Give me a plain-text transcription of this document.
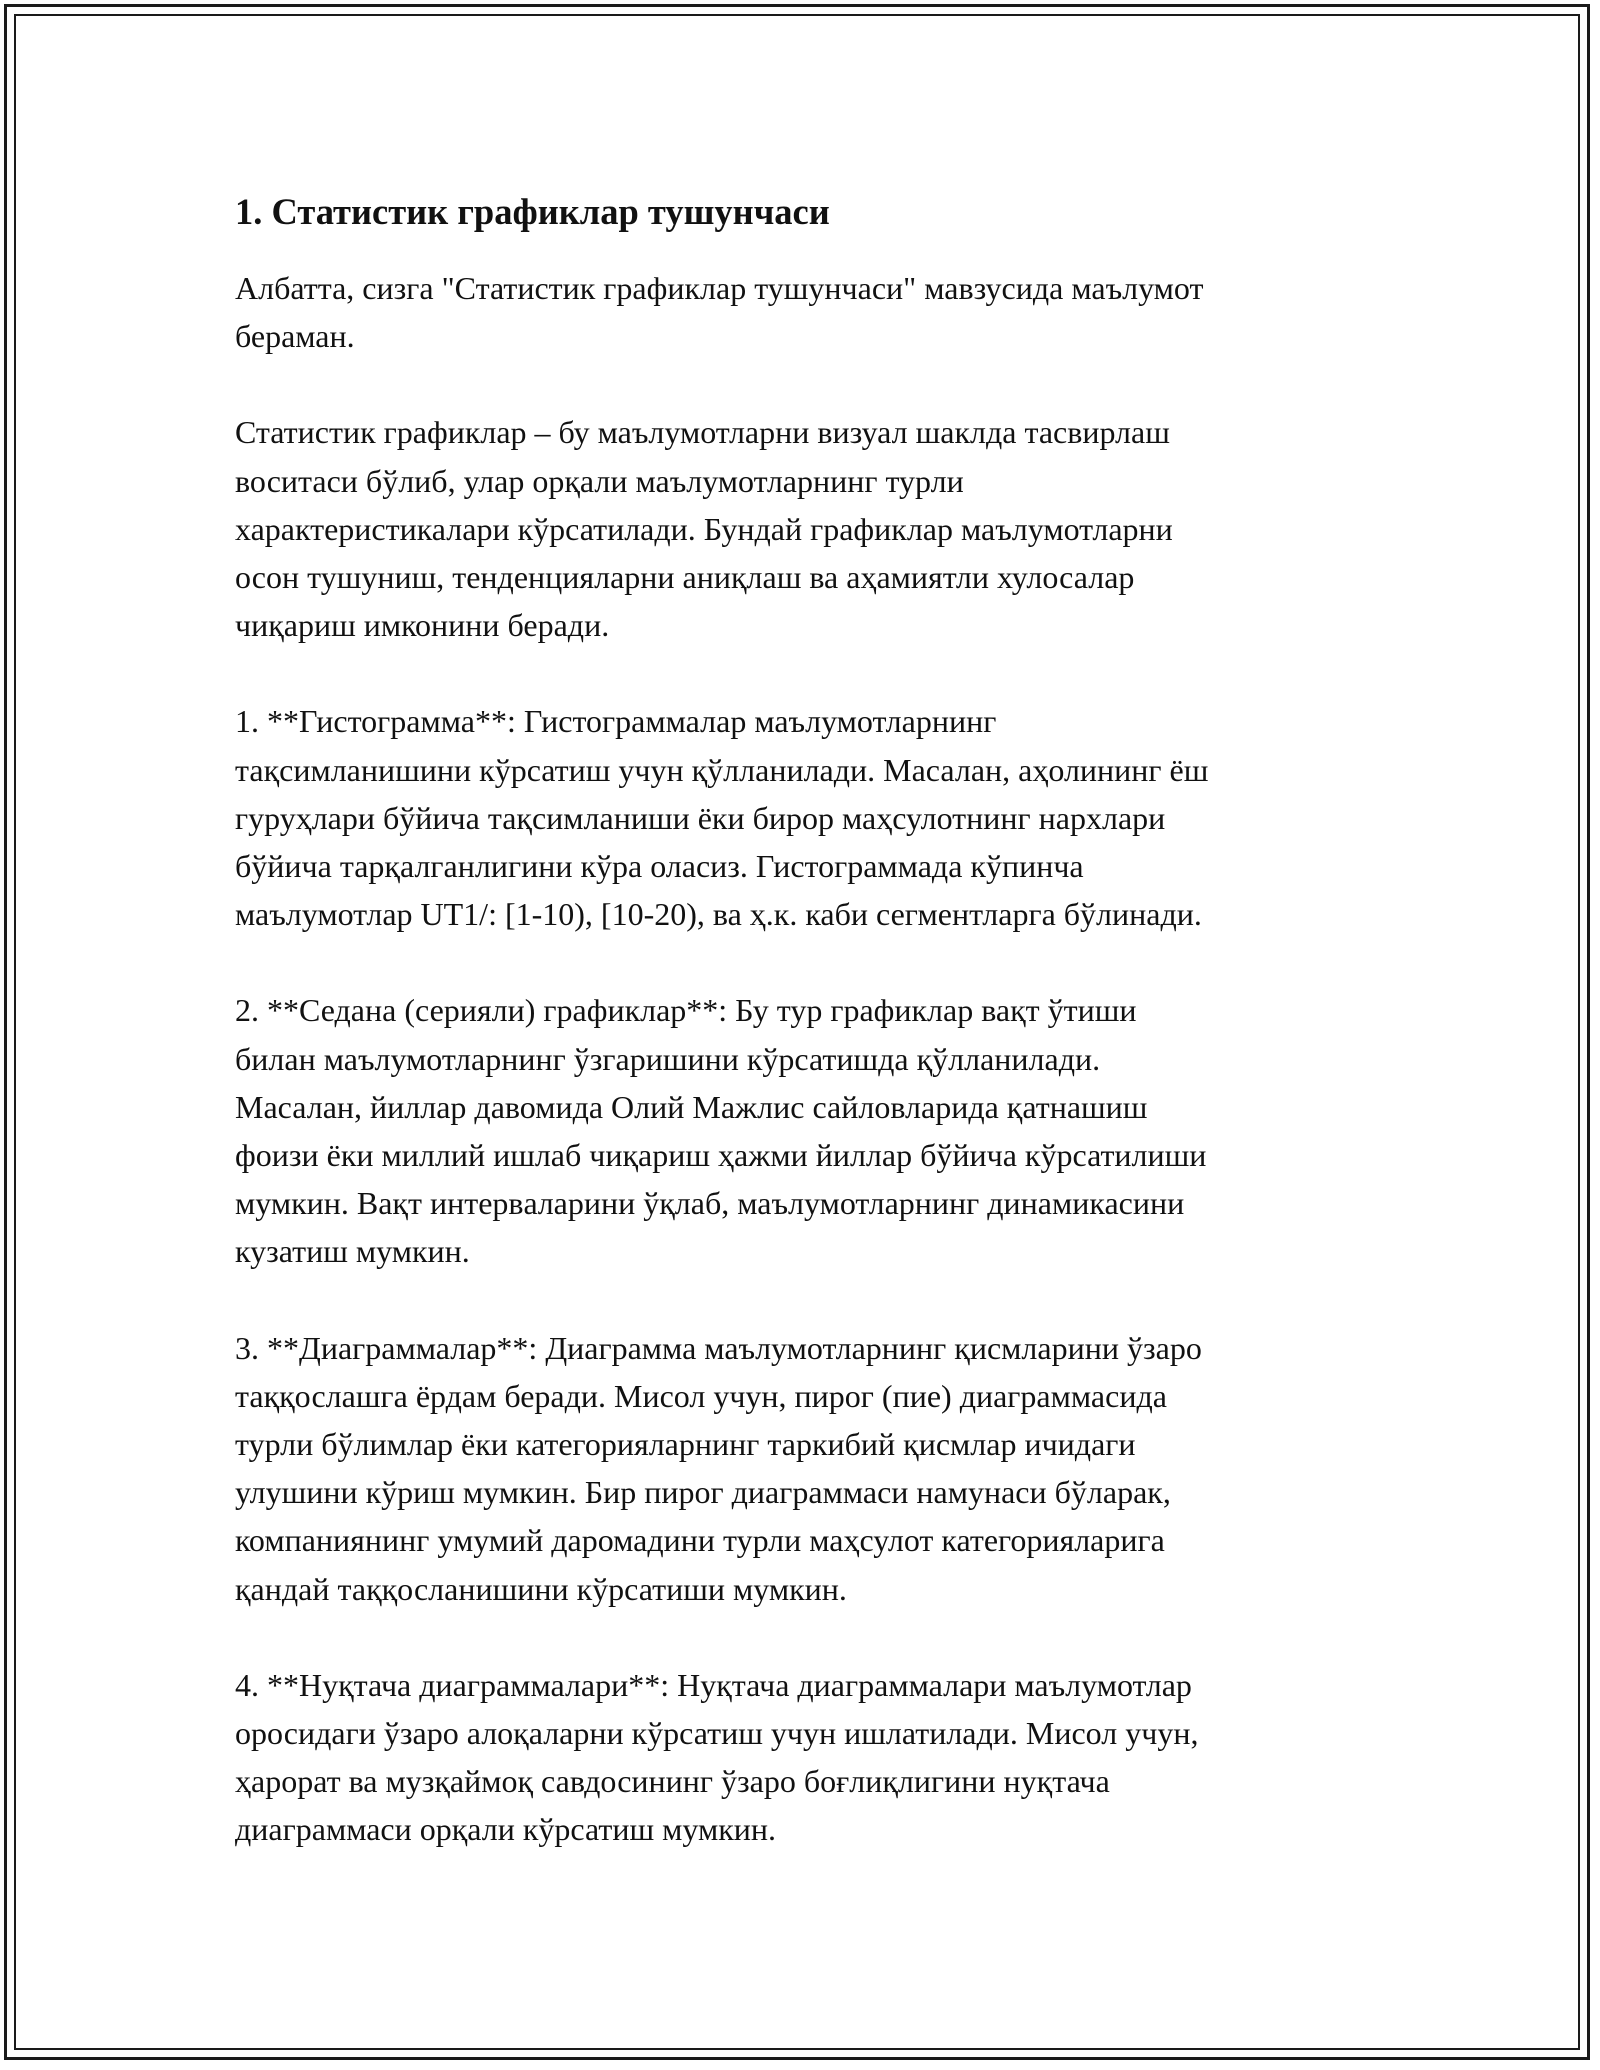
1. Статистик графиклар тушунчаси

Албатта, сизга "Статистик графиклар тушунчаси" мавзусида маълумот
бераман.

Статистик графиклар – бу маълумотларни визуал шаклда тасвирлаш
воситаси бўлиб, улар орқали маълумотларнинг турли
характеристикалари кўрсатилади. Бундай графиклар маълумотларни
осон тушуниш, тенденцияларни аниқлаш ва аҳамиятли хулосалар
чиқариш имконини беради.

1. **Гистограмма**: Гистограммалар маълумотларнинг
тақсимланишини кўрсатиш учун қўлланилади. Масалан, аҳолининг ёш
гуруҳлари бўйича тақсимланиши ёки бирор маҳсулотнинг нархлари
бўйича тарқалганлигини кўра оласиз. Гистограммада кўпинча
маълумотлар UT1/: [1-10), [10-20), ва ҳ.к. каби сегментларга бўлинади.

2. **Седана (серияли) графиклар**: Бу тур графиклар вақт ўтиши
билан маълумотларнинг ўзгаришини кўрсатишда қўлланилади.
Масалан, йиллар давомида Олий Мажлис сайловларида қатнашиш
фоизи ёки миллий ишлаб чиқариш ҳажми йиллар бўйича кўрсатилиши
мумкин. Вақт интервaлapини ўқлаб, маълумотларнинг динамикасини
кузатиш мумкин.

3. **Диаграммалар**: Диаграмма маълумотларнинг қисмларини ўзаро
таққослашга ёрдам беради. Мисол учун, пирог (пие) диаграммасида
турли бўлимлар ёки категорияларнинг таркибий қисмлар ичидаги
улушини кўриш мумкин. Бир пирог диаграммаси намунаси бўларак,
компаниянинг умумий даромадини турли маҳсулот категорияларига
қандай таққосланишини кўрсатиши мумкин.

4. **Нуқтача диаграммалари**: Нуқтача диаграммалари маълумотлар
оросидаги ўзаро алоқаларни кўрсатиш учун ишлатилади. Мисол учун,
ҳарорат ва музқаймоқ савдосининг ўзаро боғлиқлигини нуқтача
диаграммаси орқали кўрсатиш мумкин.
